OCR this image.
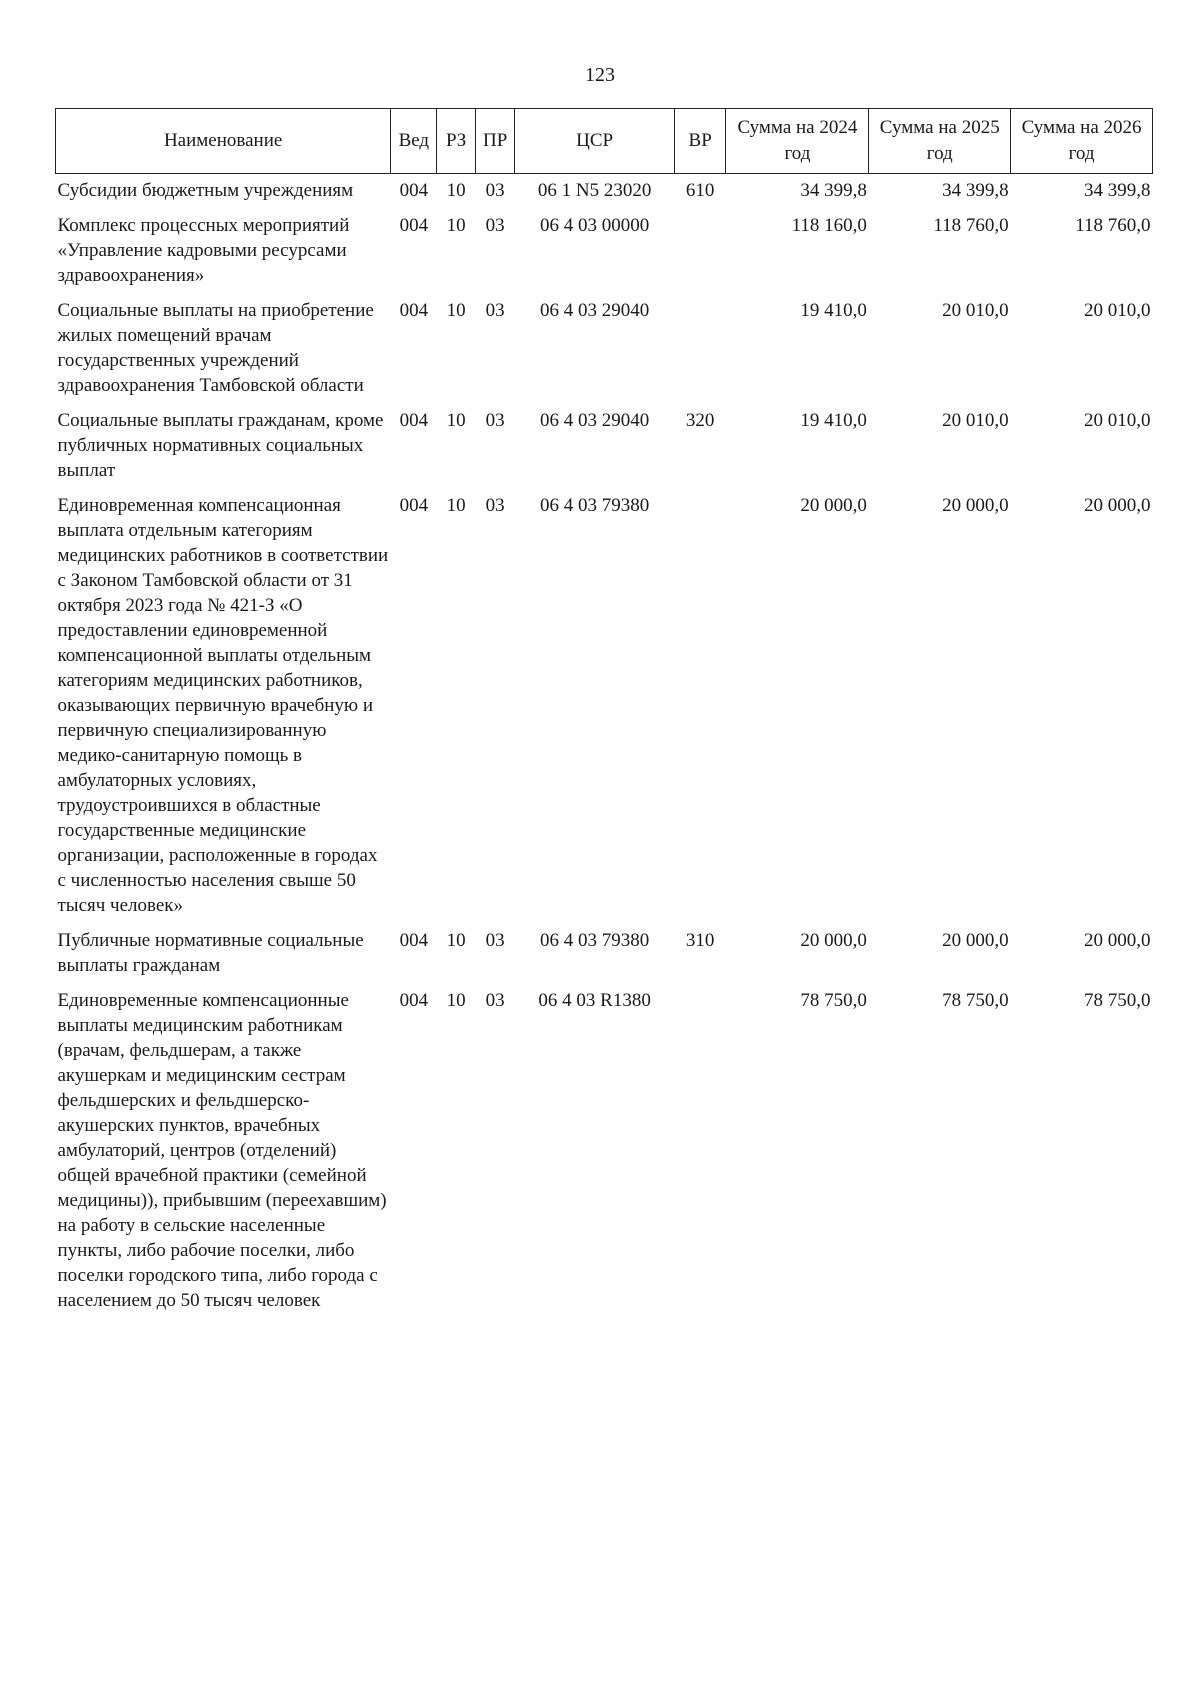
123
Наименование	Вед	РЗ	ПР	ЦСР	ВР	Сумма на 2024 год	Сумма на 2025 год	Сумма на 2026 год
Субсидии бюджетным учреждениям	004	10	03	06 1 N5 23020	610	34 399,8	34 399,8	34 399,8
Комплекс процессных мероприятий «Управление кадровыми ресурсами здравоохранения»	004	10	03	06 4 03 00000		118 160,0	118 760,0	118 760,0
Социальные выплаты на приобретение жилых помещений врачам государственных учреждений здравоохранения Тамбовской области	004	10	03	06 4 03 29040		19 410,0	20 010,0	20 010,0
Социальные выплаты гражданам, кроме публичных нормативных социальных выплат	004	10	03	06 4 03 29040	320	19 410,0	20 010,0	20 010,0
Единовременная компенсационная выплата отдельным категориям медицинских работников в соответствии с Законом Тамбовской области от 31 октября 2023 года № 421-З «О предоставлении единовременной компенсационной выплаты отдельным категориям медицинских работников, оказывающих первичную врачебную и первичную специализированную медико-санитарную помощь в амбулаторных условиях, трудоустроившихся в областные государственные медицинские организации, расположенные в городах с численностью населения свыше 50 тысяч человек»	004	10	03	06 4 03 79380		20 000,0	20 000,0	20 000,0
Публичные нормативные социальные выплаты гражданам	004	10	03	06 4 03 79380	310	20 000,0	20 000,0	20 000,0
Единовременные компенсационные выплаты медицинским работникам (врачам, фельдшерам, а также акушеркам и медицинским сестрам фельдшерских и фельдшерско-акушерских пунктов, врачебных амбулаторий, центров (отделений) общей врачебной практики (семейной медицины)), прибывшим (переехавшим) на работу в сельские населенные пункты, либо рабочие поселки, либо поселки городского типа, либо города с населением до 50 тысяч человек	004	10	03	06 4 03 R1380		78 750,0	78 750,0	78 750,0
